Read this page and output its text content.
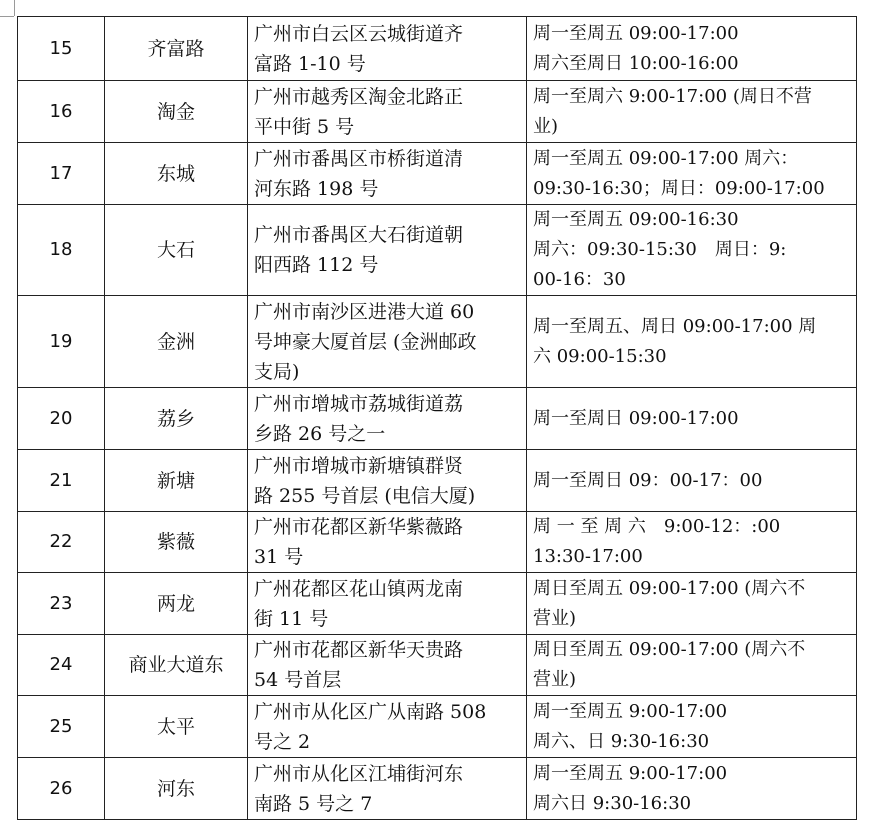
15	齐富路	广州市白云区云城街道齐
富路 1-10 号	周一至周五 09:00-17:00
周六至周日 10:00-16:00

16	淘金	广州市越秀区淘金北路正
平中街 5 号	周一至周六 9:00-17:00 (周日不营
业)

17	东城	广州市番禺区市桥街道清
河东路 198 号	周一至周五 09:00-17:00 周六：
09:30-16:30；周日：09:00-17:00

18	大石	广州市番禺区大石街道朝
阳西路 112 号	周一至周五 09:00-16:30
周六：09:30-15:30　周日：9:
00-16：30

19	金洲	广州市南沙区进港大道 60
号坤豪大厦首层 (金洲邮政
支局)	周一至周五、周日 09:00-17:00 周
六 09:00-15:30

20	荔乡	广州市增城市荔城街道荔
乡路 26 号之一	周一至周日 09:00-17:00

21	新塘	广州市增城市新塘镇群贤
路 255 号首层 (电信大厦)	周一至周日 09：00-17：00

22	紫薇	广州市花都区新华紫薇路
31 号	周 一 至 周 六　9:00-12：:00
13:30-17:00

23	两龙	广州花都区花山镇两龙南
街 11 号	周日至周五 09:00-17:00 (周六不
营业)

24	商业大道东	广州市花都区新华天贵路
54 号首层	周日至周五 09:00-17:00 (周六不
营业)

25	太平	广州市从化区广从南路 508
号之 2	周一至周五 9:00-17:00
周六、日 9:30-16:30

26	河东	广州市从化区江埔街河东
南路 5 号之 7	周一至周五 9:00-17:00
周六日 9:30-16:30
